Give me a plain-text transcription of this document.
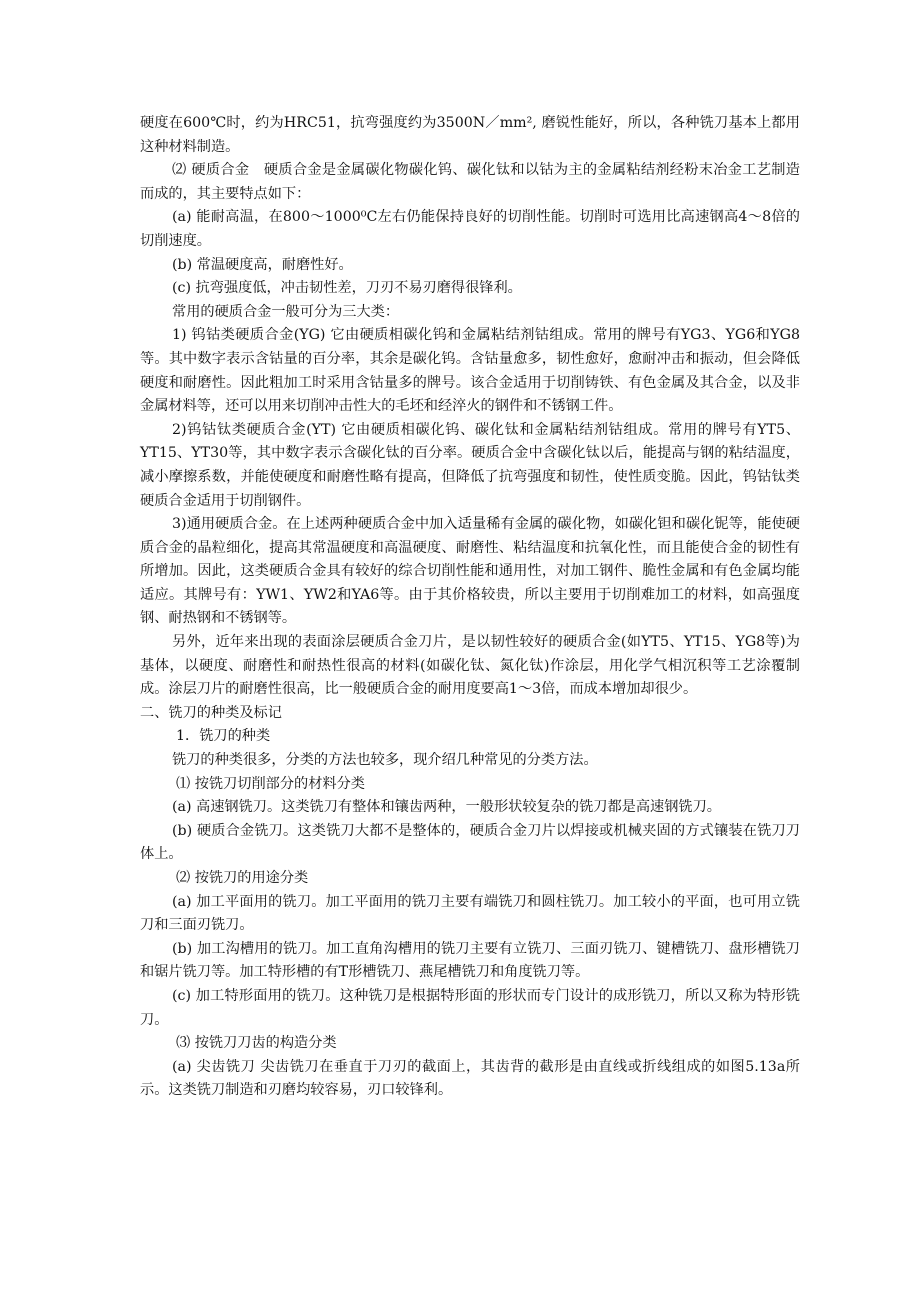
硬度在600℃时，约为HRC51，抗弯强度约为3500N／mm², 磨锐性能好，所以，各种铣刀基本上都用这种材料制造。

⑵ 硬质合金　硬质合金是金属碳化物碳化钨、碳化钛和以钴为主的金属粘结剂经粉末冶金工艺制造而成的，其主要特点如下：

(a) 能耐高温，在800～1000⁰C左右仍能保持良好的切削性能。切削时可选用比高速钢高4～8倍的切削速度。

(b) 常温硬度高，耐磨性好。

(c) 抗弯强度低，冲击韧性差，刀刃不易刃磨得很锋利。

常用的硬质合金一般可分为三大类：

1) 钨钴类硬质合金(YG) 它由硬质相碳化钨和金属粘结剂钴组成。常用的牌号有YG3、YG6和YG8等。其中数字表示含钴量的百分率，其余是碳化钨。含钴量愈多，韧性愈好，愈耐冲击和振动，但会降低硬度和耐磨性。因此粗加工时采用含钴量多的牌号。该合金适用于切削铸铁、有色金属及其合金，以及非金属材料等，还可以用来切削冲击性大的毛坯和经淬火的钢件和不锈钢工件。

2)钨钴钛类硬质合金(YT) 它由硬质相碳化钨、碳化钛和金属粘结剂钴组成。常用的牌号有YT5、YT15、YT30等，其中数字表示含碳化钛的百分率。硬质合金中含碳化钛以后，能提高与钢的粘结温度，减小摩擦系数，并能使硬度和耐磨性略有提高，但降低了抗弯强度和韧性，使性质变脆。因此，钨钴钛类硬质合金适用于切削钢件。

3)通用硬质合金。在上述两种硬质合金中加入适量稀有金属的碳化物，如碳化钽和碳化铌等，能使硬质合金的晶粒细化，提高其常温硬度和高温硬度、耐磨性、粘结温度和抗氧化性，而且能使合金的韧性有所增加。因此，这类硬质合金具有较好的综合切削性能和通用性，对加工钢件、脆性金属和有色金属均能适应。其牌号有：YW1、YW2和YA6等。由于其价格较贵，所以主要用于切削难加工的材料，如高强度钢、耐热钢和不锈钢等。

另外，近年来出现的表面涂层硬质合金刀片，是以韧性较好的硬质合金(如YT5、YT15、YG8等)为基体，以硬度、耐磨性和耐热性很高的材料(如碳化钛、氮化钛)作涂层，用化学气相沉积等工艺涂覆制成。涂层刀片的耐磨性很高，比一般硬质合金的耐用度要高1～3倍，而成本增加却很少。

二、铣刀的种类及标记

1．铣刀的种类

铣刀的种类很多，分类的方法也较多，现介绍几种常见的分类方法。

⑴ 按铣刀切削部分的材料分类

(a) 高速钢铣刀。这类铣刀有整体和镶齿两种，一般形状较复杂的铣刀都是高速钢铣刀。

(b) 硬质合金铣刀。这类铣刀大都不是整体的，硬质合金刀片以焊接或机械夹固的方式镶装在铣刀刀体上。

⑵ 按铣刀的用途分类

(a) 加工平面用的铣刀。加工平面用的铣刀主要有端铣刀和圆柱铣刀。加工较小的平面，也可用立铣刀和三面刃铣刀。

(b) 加工沟槽用的铣刀。加工直角沟槽用的铣刀主要有立铣刀、三面刃铣刀、键槽铣刀、盘形槽铣刀和锯片铣刀等。加工特形槽的有T形槽铣刀、燕尾槽铣刀和角度铣刀等。

(c) 加工特形面用的铣刀。这种铣刀是根据特形面的形状而专门设计的成形铣刀，所以又称为特形铣刀。

⑶ 按铣刀刀齿的构造分类

(a) 尖齿铣刀 尖齿铣刀在垂直于刀刃的截面上，其齿背的截形是由直线或折线组成的如图5.13a所示。这类铣刀制造和刃磨均较容易，刃口较锋利。
